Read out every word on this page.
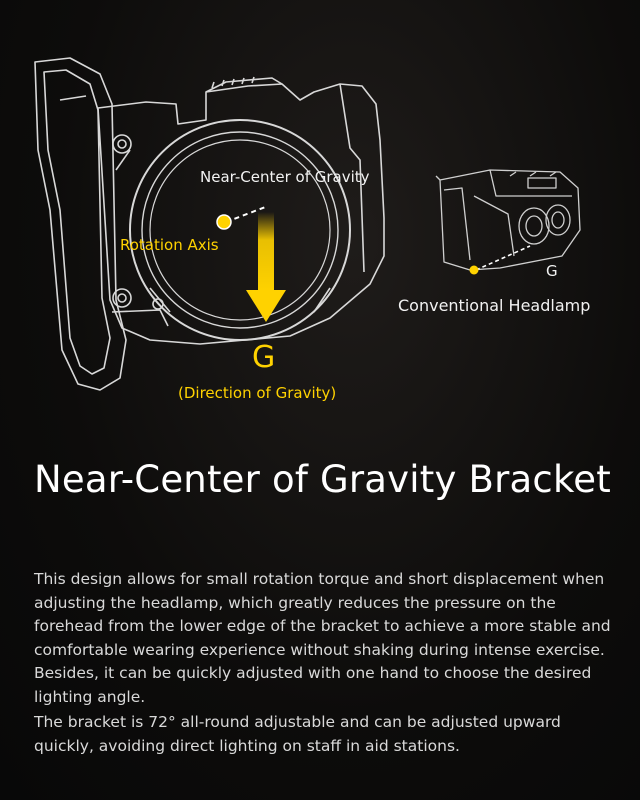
Near-Center of Gravity
Rotation Axis
G
(Direction of Gravity)
G
Conventional Headlamp
Near-Center of Gravity Bracket

This design allows for small rotation torque and short displacement when adjusting the headlamp, which greatly reduces the pressure on the forehead from the lower edge of the bracket to achieve a more stable and comfortable wearing experience without shaking during intense exercise. Besides, it can be quickly adjusted with one hand to choose the desired lighting angle.

The bracket is 72° all-round adjustable and can be adjusted upward quickly, avoiding direct lighting on staff in aid stations.
